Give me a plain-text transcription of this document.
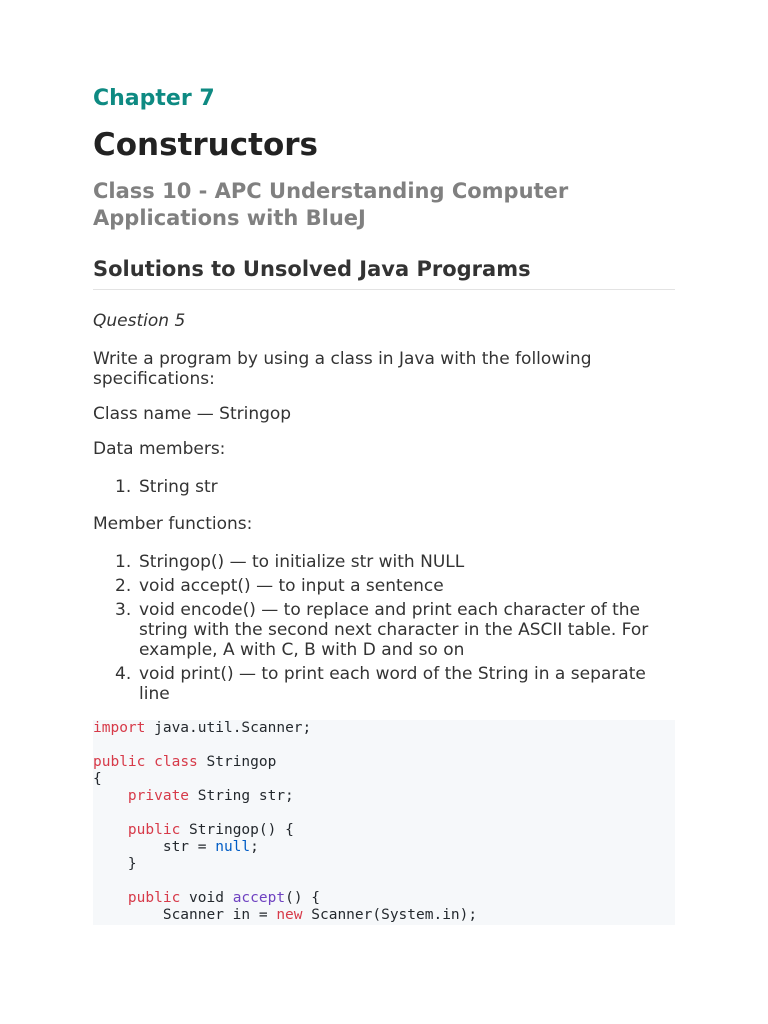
Chapter 7
Constructors
Class 10 - APC Understanding Computer Applications with BlueJ
Solutions to Unsolved Java Programs

Question 5

Write a program by using a class in Java with the following specifications:

Class name — Stringop

Data members:

1. String str

Member functions:

1. Stringop() — to initialize str with NULL
2. void accept() — to input a sentence
3. void encode() — to replace and print each character of the string with the second next character in the ASCII table. For example, A with C, B with D and so on
4. void print() — to print each word of the String in a separate line
import java.util.Scanner;

public class Stringop
{
private String str;

public Stringop() {
str = null;
}

public void accept() {
Scanner in = new Scanner(System.in);
